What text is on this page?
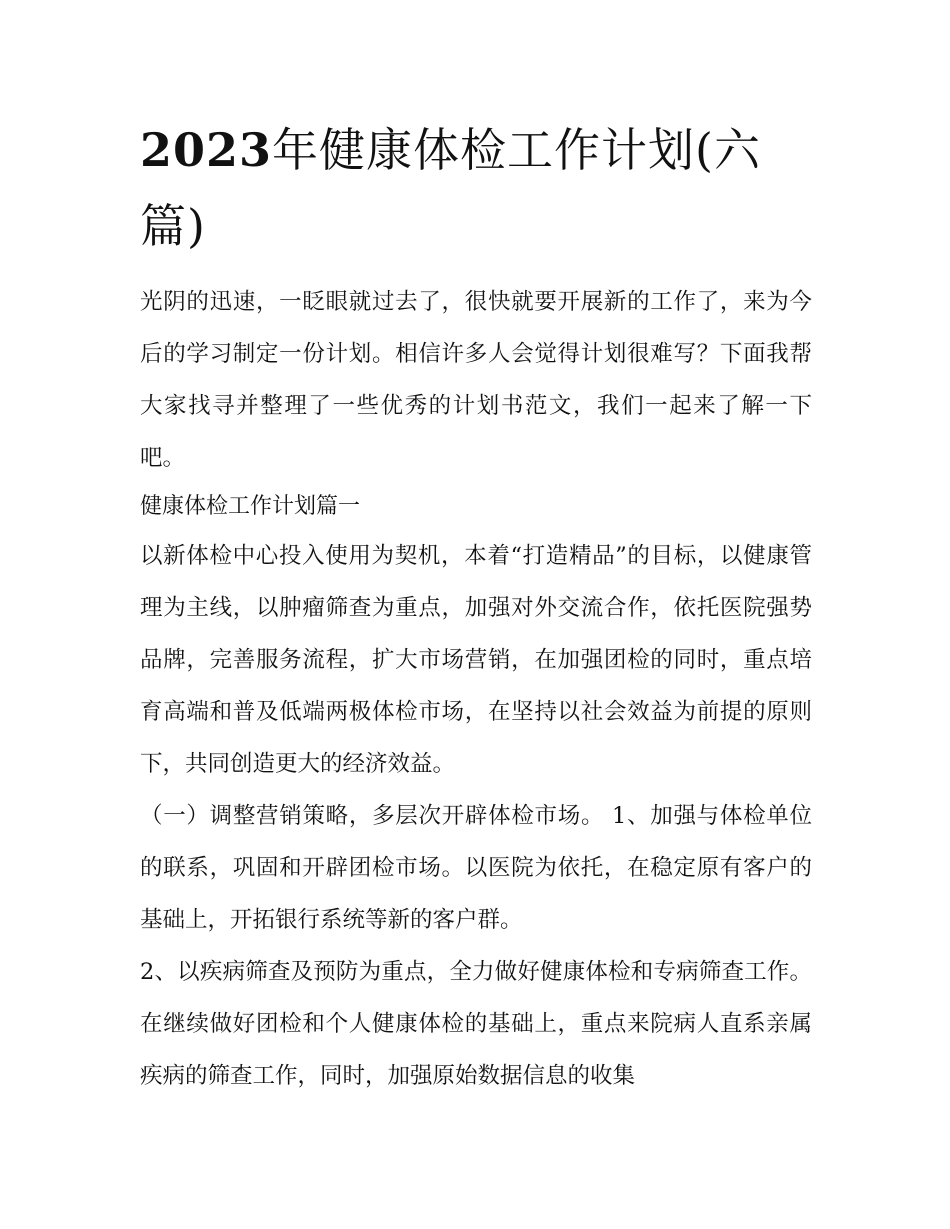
2023年健康体检工作计划(六篇)

光阴的迅速，一眨眼就过去了，很快就要开展新的工作了，来为今后的学习制定一份计划。相信许多人会觉得计划很难写？下面我帮大家找寻并整理了一些优秀的计划书范文，我们一起来了解一下吧。

健康体检工作计划篇一

以新体检中心投入使用为契机，本着“打造精品”的目标，以健康管理为主线，以肿瘤筛查为重点，加强对外交流合作，依托医院强势品牌，完善服务流程，扩大市场营销，在加强团检的同时，重点培育高端和普及低端两极体检市场，在坚持以社会效益为前提的原则下，共同创造更大的经济效益。

（一）调整营销策略，多层次开辟体检市场。 1、加强与体检单位的联系，巩固和开辟团检市场。以医院为依托，在稳定原有客户的基础上，开拓银行系统等新的客户群。

2、以疾病筛查及预防为重点，全力做好健康体检和专病筛查工作。在继续做好团检和个人健康体检的基础上，重点来院病人直系亲属疾病的筛查工作，同时，加强原始数据信息的收集
